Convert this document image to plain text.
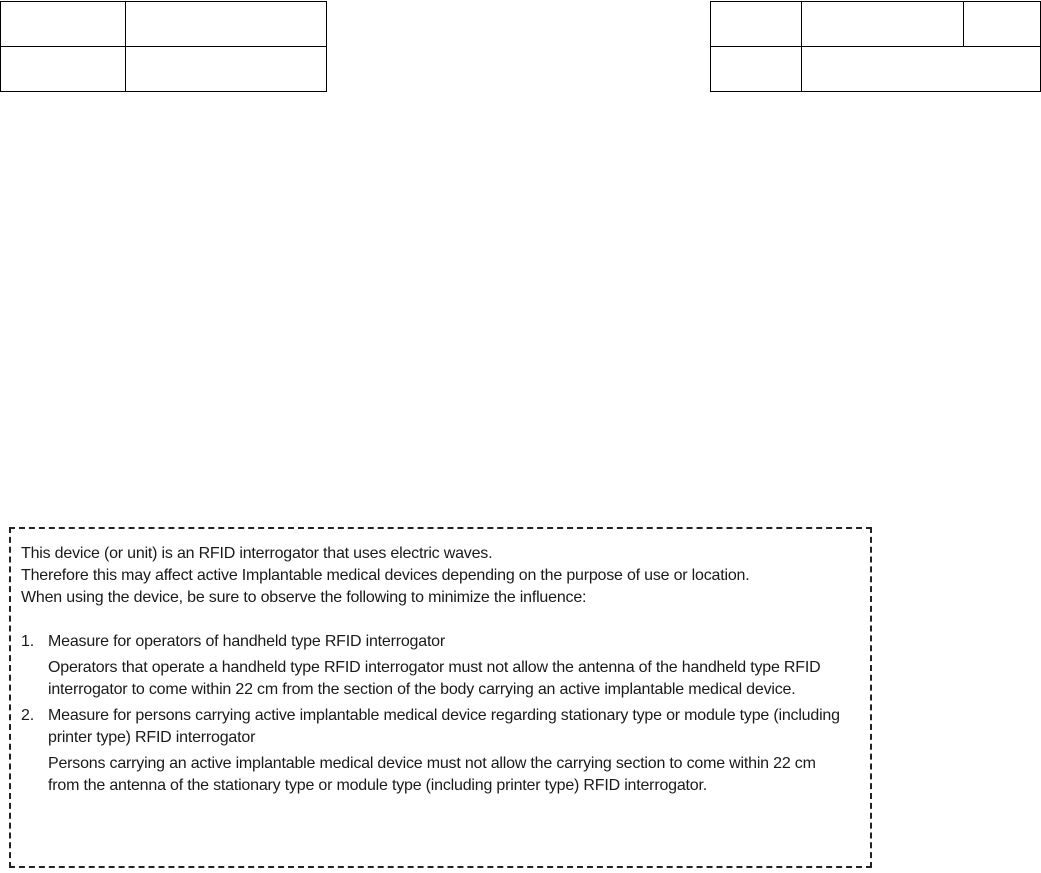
This device (or unit) is an RFID interrogator that uses electric waves.

Therefore this may affect active Implantable medical devices depending on the purpose of use or location.

When using the device, be sure to observe the following to minimize the influence:

1. Measure for operators of handheld type RFID interrogator

Operators that operate a handheld type RFID interrogator must not allow the antenna of the handheld type RFID interrogator to come within 22 cm from the section of the body carrying an active implantable medical device.

2. Measure for persons carrying active implantable medical device regarding stationary type or module type (including printer type) RFID interrogator

Persons carrying an active implantable medical device must not allow the carrying section to come within 22 cm from the antenna of the stationary type or module type (including printer type) RFID interrogator.
